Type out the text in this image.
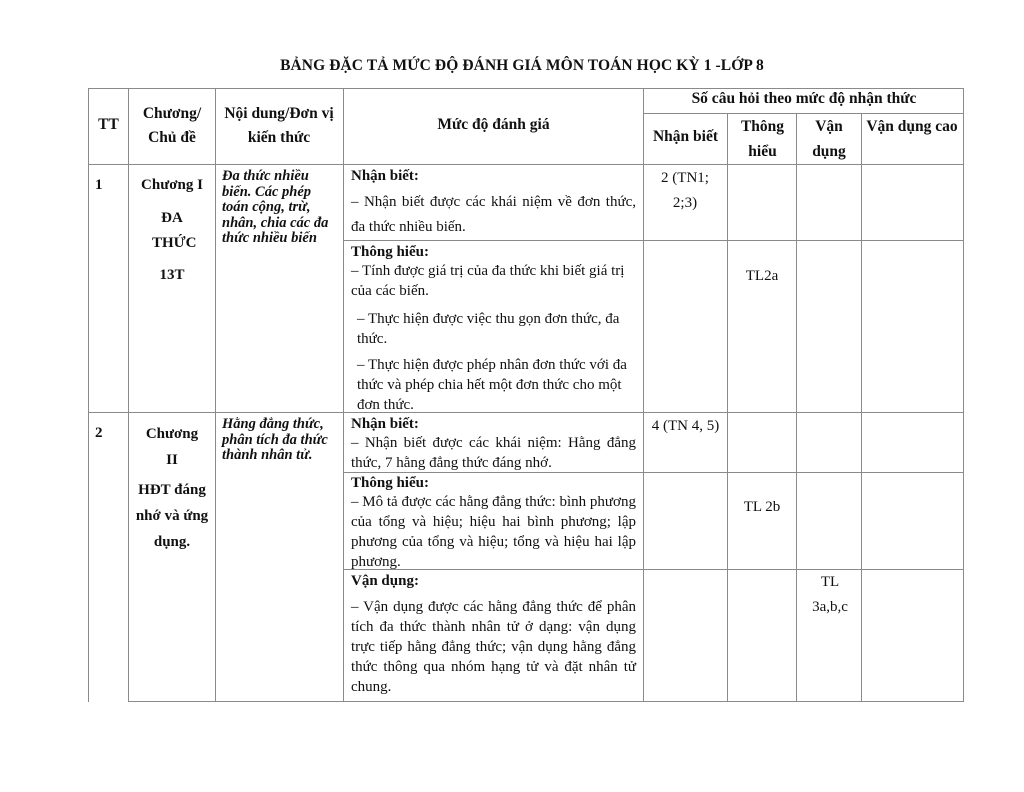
BẢNG ĐẶC TẢ MỨC ĐỘ ĐÁNH GIÁ MÔN TOÁN HỌC KỲ 1 -LỚP 8
TT
Chương/ Chủ đề
Nội dung/Đơn vị kiến thức
Mức độ đánh giá
Số câu hỏi theo mức độ nhận thức
Nhận biết
Thông hiểu
Vận dụng
Vận dụng cao
1	Chương I
ĐA THỨC
13T
Đa thức nhiều biến. Các phép toán cộng, trừ, nhân, chia các đa thức nhiều biến
Nhận biết:
– Nhận biết được các khái niệm về đơn thức, đa thức nhiều biến.
2 (TN1; 2;3)
Thông hiểu:
– Tính được giá trị của đa thức khi biết giá trị của các biến.
– Thực hiện được việc thu gọn đơn thức, đa thức.
– Thực hiện được phép nhân đơn thức với đa thức và phép chia hết một đơn thức cho một đơn thức.
TL2a
2	Chương II
HĐT đáng nhớ và ứng dụng.
Hằng đẳng thức, phân tích đa thức thành nhân tử.
Nhận biết:
– Nhận biết được các khái niệm: Hằng đẳng thức, 7 hằng đẳng thức đáng nhớ.
4 (TN 4, 5)
Thông hiểu:
– Mô tả được các hằng đẳng thức: bình phương của tổng và hiệu; hiệu hai bình phương; lập phương của tổng và hiệu; tổng và hiệu hai lập phương.
TL 2b
Vận dụng:
– Vận dụng được các hằng đẳng thức để phân tích đa thức thành nhân tử ở dạng: vận dụng trực tiếp hằng đẳng thức; vận dụng hằng đẳng thức thông qua nhóm hạng tử và đặt nhân tử chung.
TL 3a,b,c
